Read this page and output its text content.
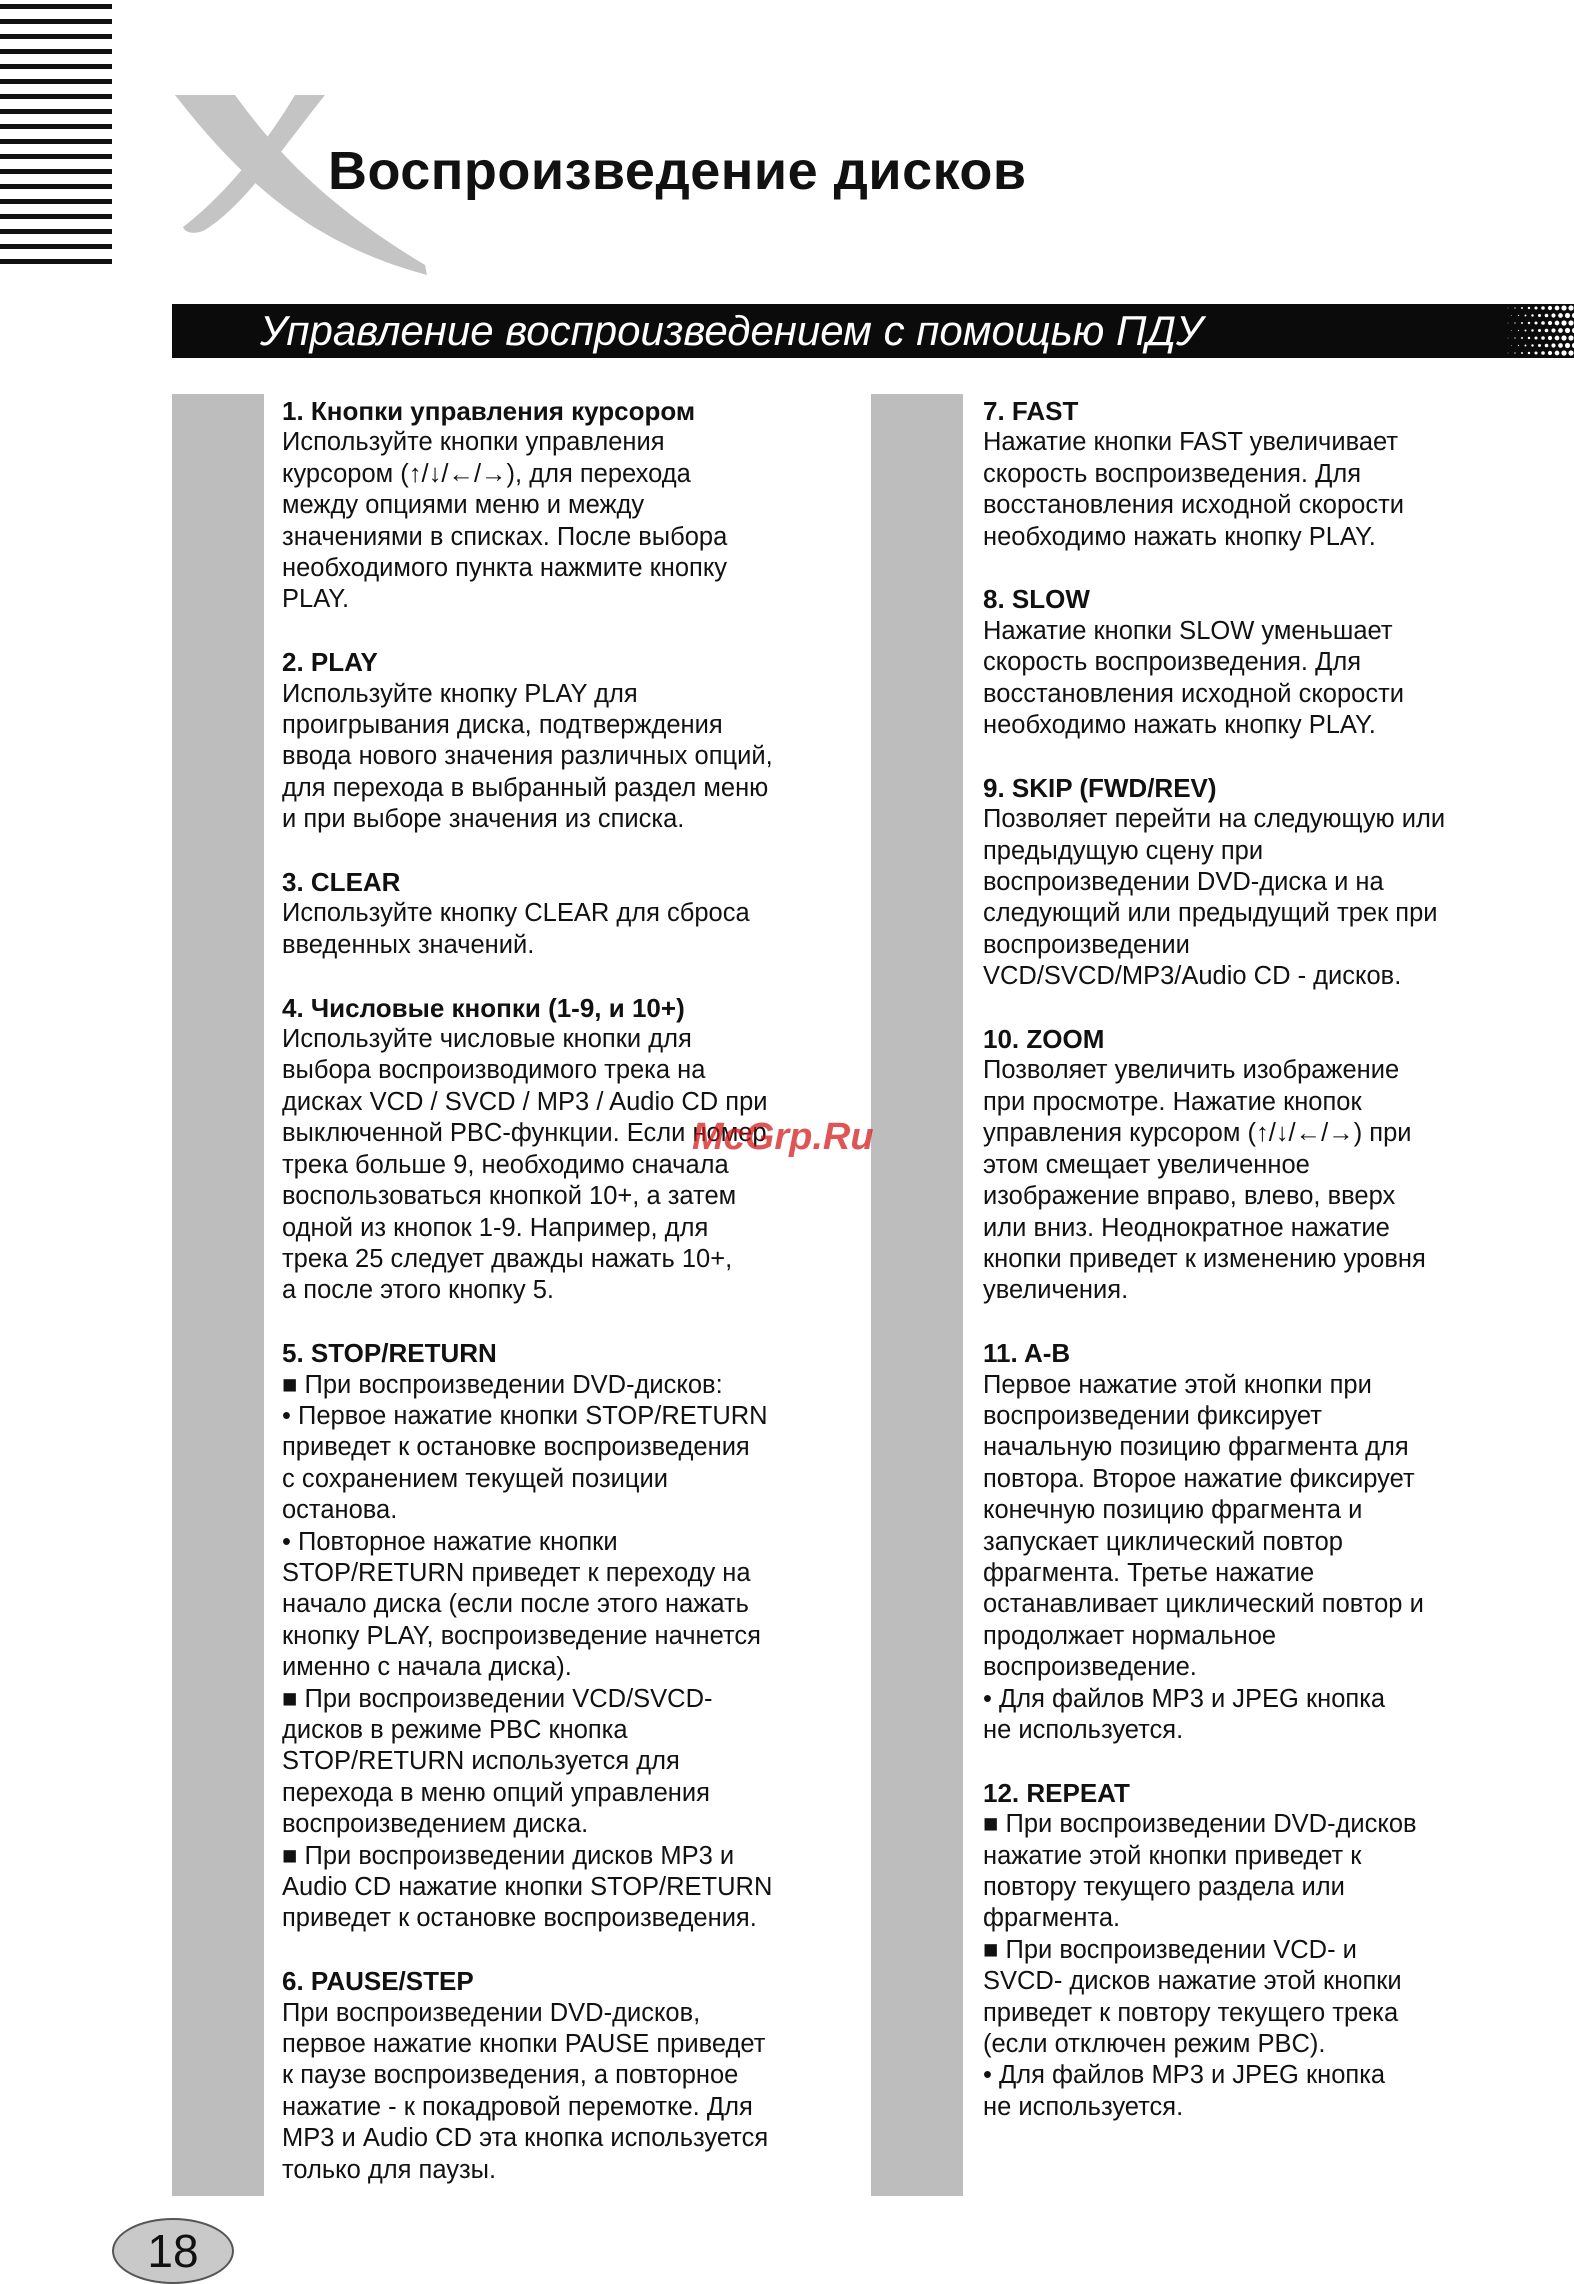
Воспроизведение дисков
Управление воспроизведением с помощью ПДУ
1. Кнопки управления курсором

Используйте кнопки управления
курсором (↑/↓/←/→), для перехода
между опциями меню и между
значениями в списках. После выбора
необходимого пункта нажмите кнопку
PLAY.

2. PLAY

Используйте кнопку PLAY для
проигрывания диска, подтверждения
ввода нового значения различных опций,
для перехода в выбранный раздел меню
и при выборе значения из списка.

3. CLEAR

Используйте кнопку CLEAR для сброса
введенных значений.

4. Числовые кнопки (1-9, и 10+)

Используйте числовые кнопки для
выбора воспроизводимого трека на
дисках VCD / SVCD / MP3 / Audio CD при
выключенной PBC-функции. Если номер
трека больше 9, необходимо сначала
воспользоваться кнопкой 10+, а затем
одной из кнопок 1-9. Например, для
трека 25 следует дважды нажать 10+,
а после этого кнопку 5.

5. STOP/RETURN

■ При воспроизведении DVD-дисков:
• Первое нажатие кнопки STOP/RETURN
приведет к остановке воспроизведения
с сохранением текущей позиции
останова.
• Повторное нажатие кнопки
STOP/RETURN приведет к переходу на
начало диска (если после этого нажать
кнопку PLAY, воспроизведение начнется
именно с начала диска).
■ При воспроизведении VCD/SVCD-
дисков в режиме PBC кнопка
STOP/RETURN используется для
перехода в меню опций управления
воспроизведением диска.
■ При воспроизведении дисков MP3 и
Audio CD нажатие кнопки STOP/RETURN
приведет к остановке воспроизведения.

6. PAUSE/STEP

При воспроизведении DVD-дисков,
первое нажатие кнопки PAUSE приведет
к паузе воспроизведения, а повторное
нажатие - к покадровой перемотке. Для
MP3 и Audio CD эта кнопка используется
только для паузы.

7. FAST

Нажатие кнопки FAST увеличивает
скорость воспроизведения. Для
восстановления исходной скорости
необходимо нажать кнопку PLAY.

8. SLOW

Нажатие кнопки SLOW уменьшает
скорость воспроизведения. Для
восстановления исходной скорости
необходимо нажать кнопку PLAY.

9. SKIP (FWD/REV)

Позволяет перейти на следующую или
предыдущую сцену при
воспроизведении DVD-диска и на
следующий или предыдущий трек при
воспроизведении
VCD/SVCD/MP3/Audio CD - дисков.

10. ZOOM

Позволяет увеличить изображение
при просмотре. Нажатие кнопок
управления курсором (↑/↓/←/→) при
этом смещает увеличенное
изображение вправо, влево, вверх
или вниз. Неоднократное нажатие
кнопки приведет к изменению уровня
увеличения.

11. A-B

Первое нажатие этой кнопки при
воспроизведении фиксирует
начальную позицию фрагмента для
повтора. Второе нажатие фиксирует
конечную позицию фрагмента и
запускает циклический повтор
фрагмента. Третье нажатие
останавливает циклический повтор и
продолжает нормальное
воспроизведение.
• Для файлов MP3 и JPEG кнопка
не используется.

12. REPEAT

■ При воспроизведении DVD-дисков
нажатие этой кнопки приведет к
повтору текущего раздела или
фрагмента.
■ При воспроизведении VCD- и
SVCD- дисков нажатие этой кнопки
приведет к повтору текущего трека
(если отключен режим PBC).
• Для файлов MP3 и JPEG кнопка
не используется.

McGrp.Ru
18
